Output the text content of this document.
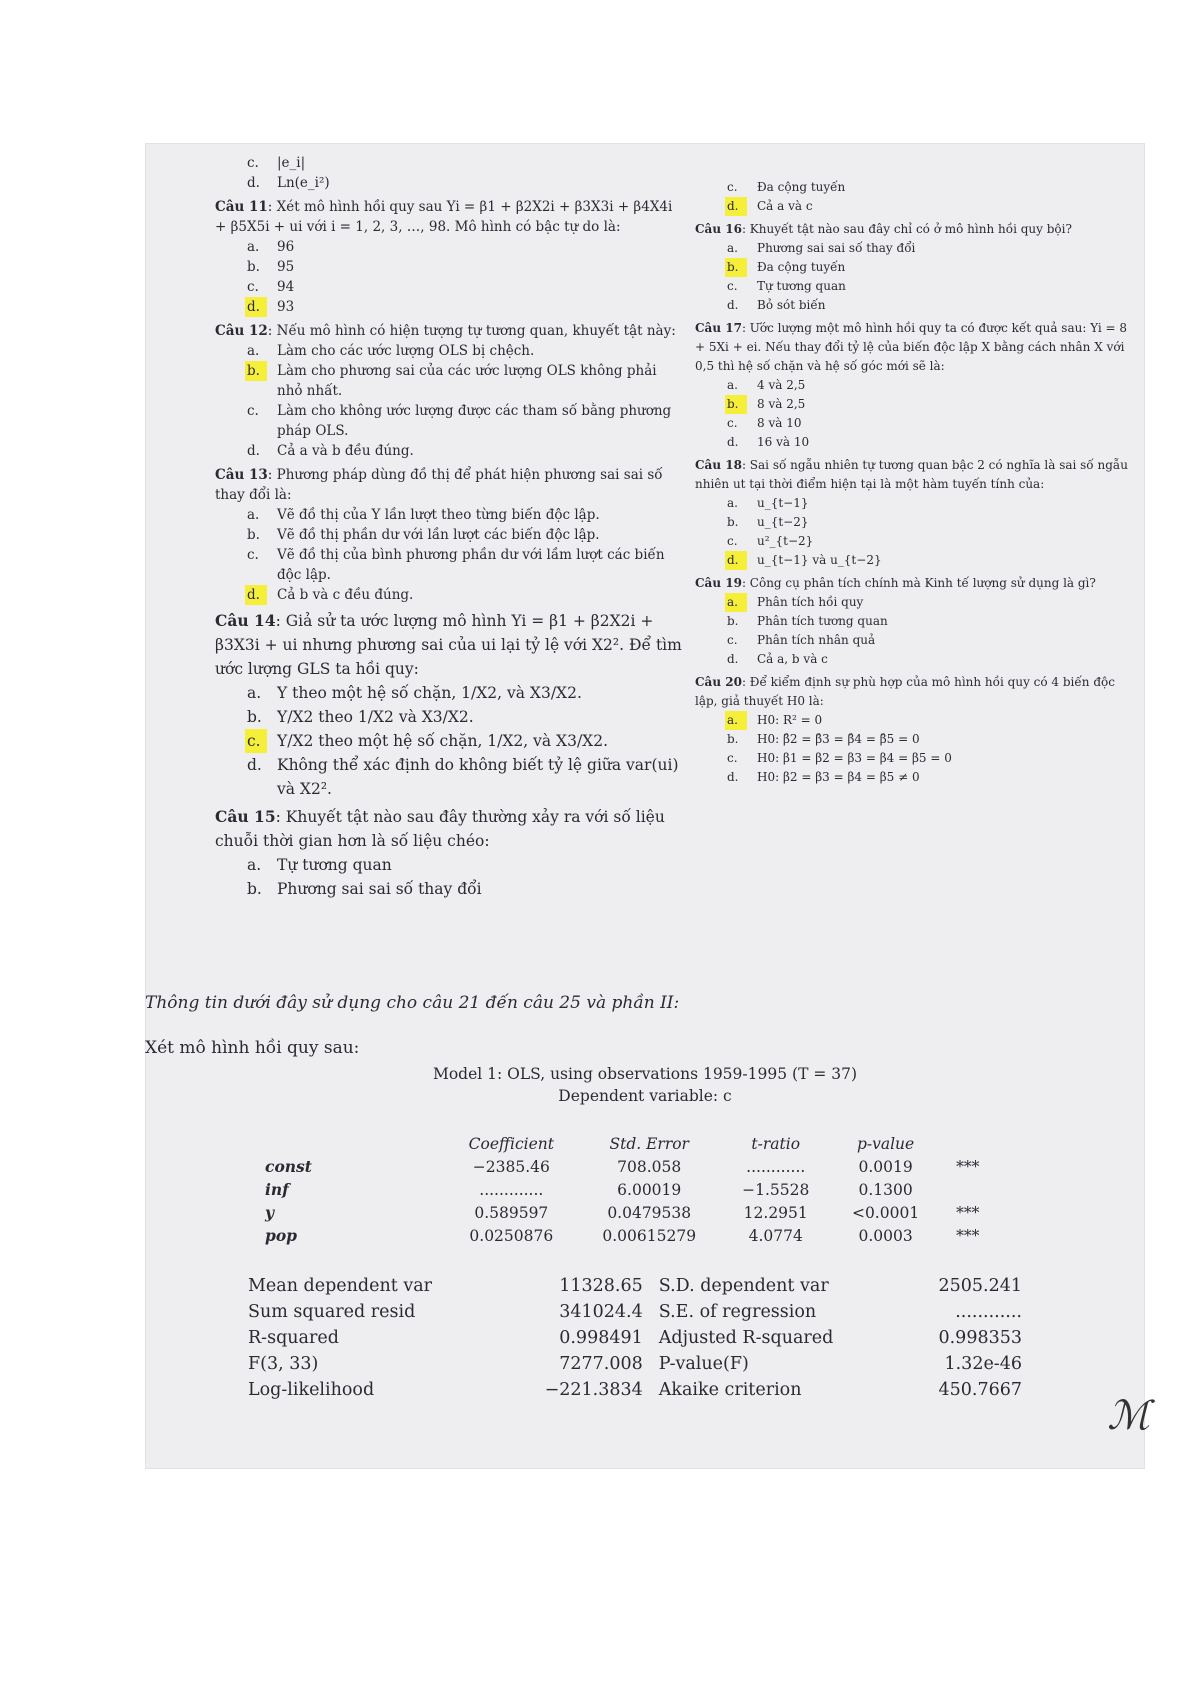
c.	|e_i|
d.	Ln(e_i²)
Câu 11: Xét mô hình hồi quy sau Yi = β1 + β2X2i + β3X3i + β4X4i + β5X5i + ui với i = 1, 2, 3, …, 98. Mô hình có bậc tự do là:
a.	96
b.	95
c.	94
d.	93
Câu 12: Nếu mô hình có hiện tượng tự tương quan, khuyết tật này:
a.	Làm cho các ước lượng OLS bị chệch.
b.	Làm cho phương sai của các ước lượng OLS không phải nhỏ nhất.
c.	Làm cho không ước lượng được các tham số bằng phương pháp OLS.
d.	Cả a và b đều đúng.
Câu 13: Phương pháp dùng đồ thị để phát hiện phương sai sai số thay đổi là:
a.	Vẽ đồ thị của Y lần lượt theo từng biến độc lập.
b.	Vẽ đồ thị phần dư với lần lượt các biến độc lập.
c.	Vẽ đồ thị của bình phương phần dư với lầm lượt các biến độc lập.
d.	Cả b và c đều đúng.
Câu 14: Giả sử ta ước lượng mô hình Yi = β1 + β2X2i + β3X3i + ui nhưng phương sai của ui lại tỷ lệ với X2². Để tìm ước lượng GLS ta hồi quy:
a.	Y theo một hệ số chặn, 1/X2, và X3/X2.
b. Y/X2 theo 1/X2 và X3/X2.
c.	Y/X2 theo một hệ số chặn, 1/X2, và X3/X2.
d. Không thể xác định do không biết tỷ lệ giữa var(ui) và X2².
Câu 15: Khuyết tật nào sau đây thường xảy ra với số liệu chuỗi thời gian hơn là số liệu chéo:
a.	Tự tương quan
b. Phương sai sai số thay đổi
c.	Đa cộng tuyến
d.	Cả a và c
Câu 16: Khuyết tật nào sau đây chỉ có ở mô hình hồi quy bội?
a.	Phương sai sai số thay đổi
b.	Đa cộng tuyến
c.	Tự tương quan
d.	Bỏ sót biến
Câu 17: Ước lượng một mô hình hồi quy ta có được kết quả sau: Yi = 8 + 5Xi + ei. Nếu thay đổi tỷ lệ của biến độc lập X bằng cách nhân X với 0,5 thì hệ số chặn và hệ số góc mới sẽ là:
a.	4 và 2,5
b.	8 và 2,5
c.	8 và 10
d.	16 và 10
Câu 18: Sai số ngẫu nhiên tự tương quan bậc 2 có nghĩa là sai số ngẫu nhiên ut tại thời điểm hiện tại là một hàm tuyến tính của:
a.	u_{t−1}
b.	u_{t−2}
c.	u²_{t−2}
d.	u_{t−1} và u_{t−2}
Câu 19: Công cụ phân tích chính mà Kinh tế lượng sử dụng là gì?
a.	Phân tích hồi quy
b.	Phân tích tương quan
c.	Phân tích nhân quả
d.	Cả a, b và c
Câu 20: Để kiểm định sự phù hợp của mô hình hồi quy có 4 biến độc lập, giả thuyết H0 là:
a.	H0: R² = 0
b.	H0: β̂2 = β̂3 = β̂4 = β̂5 = 0
c.	H0: β1 = β2 = β3 = β4 = β5 = 0
d.	H0: β2 = β3 = β4 = β5 ≠ 0
Thông tin dưới đây sử dụng cho câu 21 đến câu 25 và phần II:
Xét mô hình hồi quy sau:
Model 1: OLS, using observations 1959-1995 (T = 37)
Dependent variable: c
	Coefficient	Std. Error	t-ratio	p-value	
const	−2385.46	708.058	............	0.0019	***
inf	.............	6.00019	−1.5528	0.1300	
y	0.589597	0.0479538	12.2951	<0.0001	***
pop	0.0250876	0.00615279	4.0774	0.0003	***
Mean dependent var	11328.65	S.D. dependent var	2505.241
Sum squared resid	341024.4	S.E. of regression	............
R-squared	0.998491	Adjusted R-squared	0.998353
F(3, 33)	7277.008	P-value(F)	1.32e-46
Log-likelihood	−221.3834	Akaike criterion	450.7667
ℳ
